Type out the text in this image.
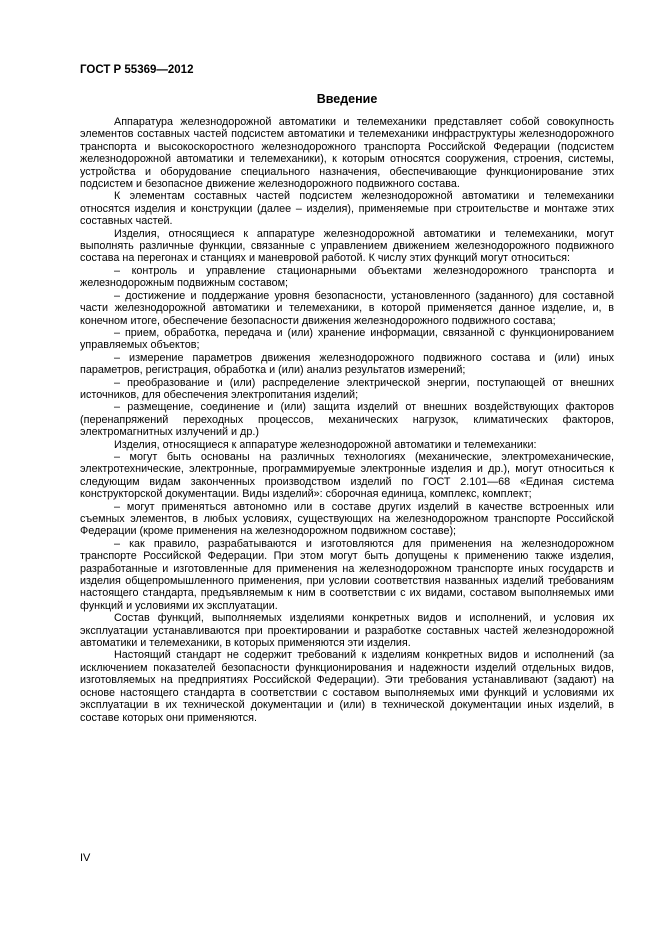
ГОСТ Р 55369—2012
Введение

Аппаратура железнодорожной автоматики и телемеханики представляет собой совокупность элементов составных частей подсистем автоматики и телемеханики инфраструктуры железнодорожного транспорта и высокоскоростного железнодорожного транспорта Российской Федерации (подсистем железнодорожной автоматики и телемеханики), к которым относятся сооружения, строения, системы, устройства и оборудование специального назначения, обеспечивающие функционирование этих подсистем и безопасное движение железнодорожного подвижного состава.

К элементам составных частей подсистем железнодорожной автоматики и телемеханики относятся изделия и конструкции (далее – изделия), применяемые при строительстве и монтаже этих составных частей.

Изделия, относящиеся к аппаратуре железнодорожной автоматики и телемеханики, могут выполнять различные функции, связанные с управлением движением железнодорожного подвижного состава на перегонах и станциях и маневровой работой. К числу этих функций могут относиться:

– контроль и управление стационарными объектами железнодорожного транспорта и железнодорожным подвижным составом;

– достижение и поддержание уровня безопасности, установленного (заданного) для составной части железнодорожной автоматики и телемеханики, в которой применяется данное изделие, и, в конечном итоге, обеспечение безопасности движения железнодорожного подвижного состава;

– прием, обработка, передача и (или) хранение информации, связанной с функционированием управляемых объектов;

– измерение параметров движения железнодорожного подвижного состава и (или) иных параметров, регистрация, обработка и (или) анализ результатов измерений;

– преобразование и (или) распределение электрической энергии, поступающей от внешних источников, для обеспечения электропитания изделий;

– размещение, соединение и (или) защита изделий от внешних воздействующих факторов (перенапряжений переходных процессов, механических нагрузок, климатических факторов, электромагнитных излучений и др.)

Изделия, относящиеся к аппаратуре железнодорожной автоматики и телемеханики:

– могут быть основаны на различных технологиях (механические, электромеханические, электротехнические, электронные, программируемые электронные изделия и др.), могут относиться к следующим видам законченных производством изделий по ГОСТ 2.101—68 «Единая система конструкторской документации. Виды изделий»: сборочная единица, комплекс, комплект;

– могут применяться автономно или в составе других изделий в качестве встроенных или съемных элементов, в любых условиях, существующих на железнодорожном транспорте Российской Федерации (кроме применения на железнодорожном подвижном составе);

– как правило, разрабатываются и изготовляются для применения на железнодорожном транспорте Российской Федерации. При этом могут быть допущены к применению также изделия, разработанные и изготовленные для применения на железнодорожном транспорте иных государств и изделия общепромышленного применения, при условии соответствия названных изделий требованиям настоящего стандарта, предъявляемым к ним в соответствии с их видами, составом выполняемых ими функций и условиями их эксплуатации.

Состав функций, выполняемых изделиями конкретных видов и исполнений, и условия их эксплуатации устанавливаются при проектировании и разработке составных частей железнодорожной автоматики и телемеханики, в которых применяются эти изделия.

Настоящий стандарт не содержит требований к изделиям конкретных видов и исполнений (за исключением показателей безопасности функционирования и надежности изделий отдельных видов, изготовляемых на предприятиях Российской Федерации). Эти требования устанавливают (задают) на основе настоящего стандарта в соответствии с составом выполняемых ими функций и условиями их эксплуатации в их технической документации и (или) в технической документации иных изделий, в составе которых они применяются.

IV
